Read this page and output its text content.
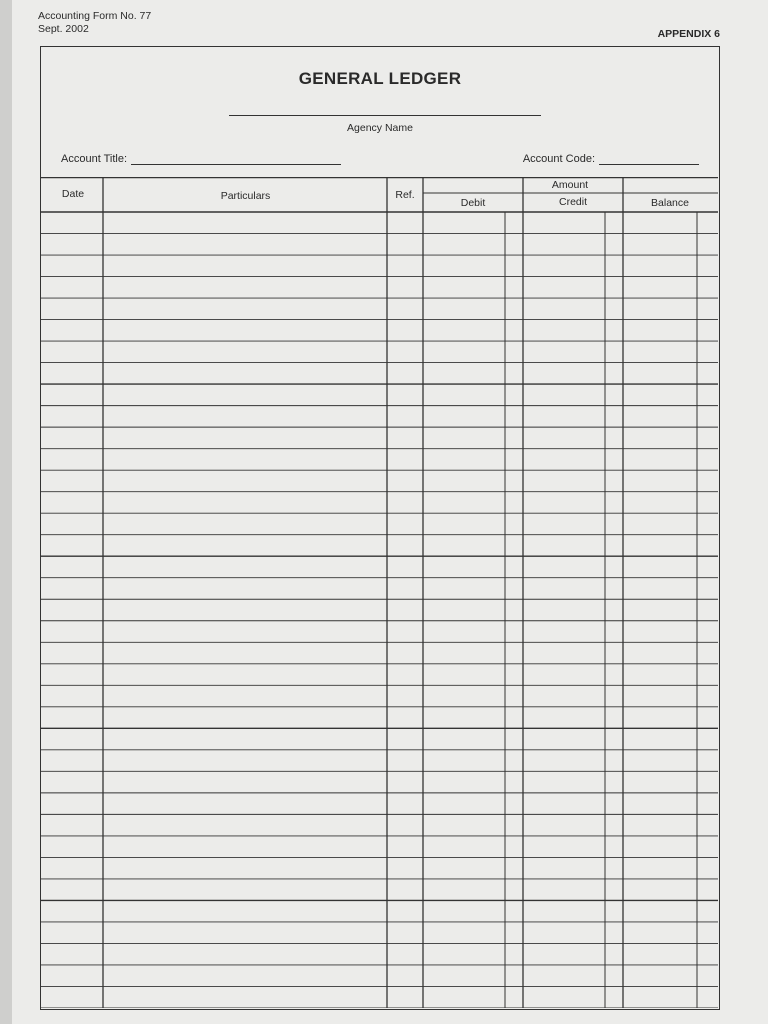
Accounting Form No. 77
Sept. 2002	APPENDIX 6
GENERAL LEDGER
Agency Name
Account Title:	Account Code:
Date	Particulars	Ref.
Amount
Debit	Credit	Balance
